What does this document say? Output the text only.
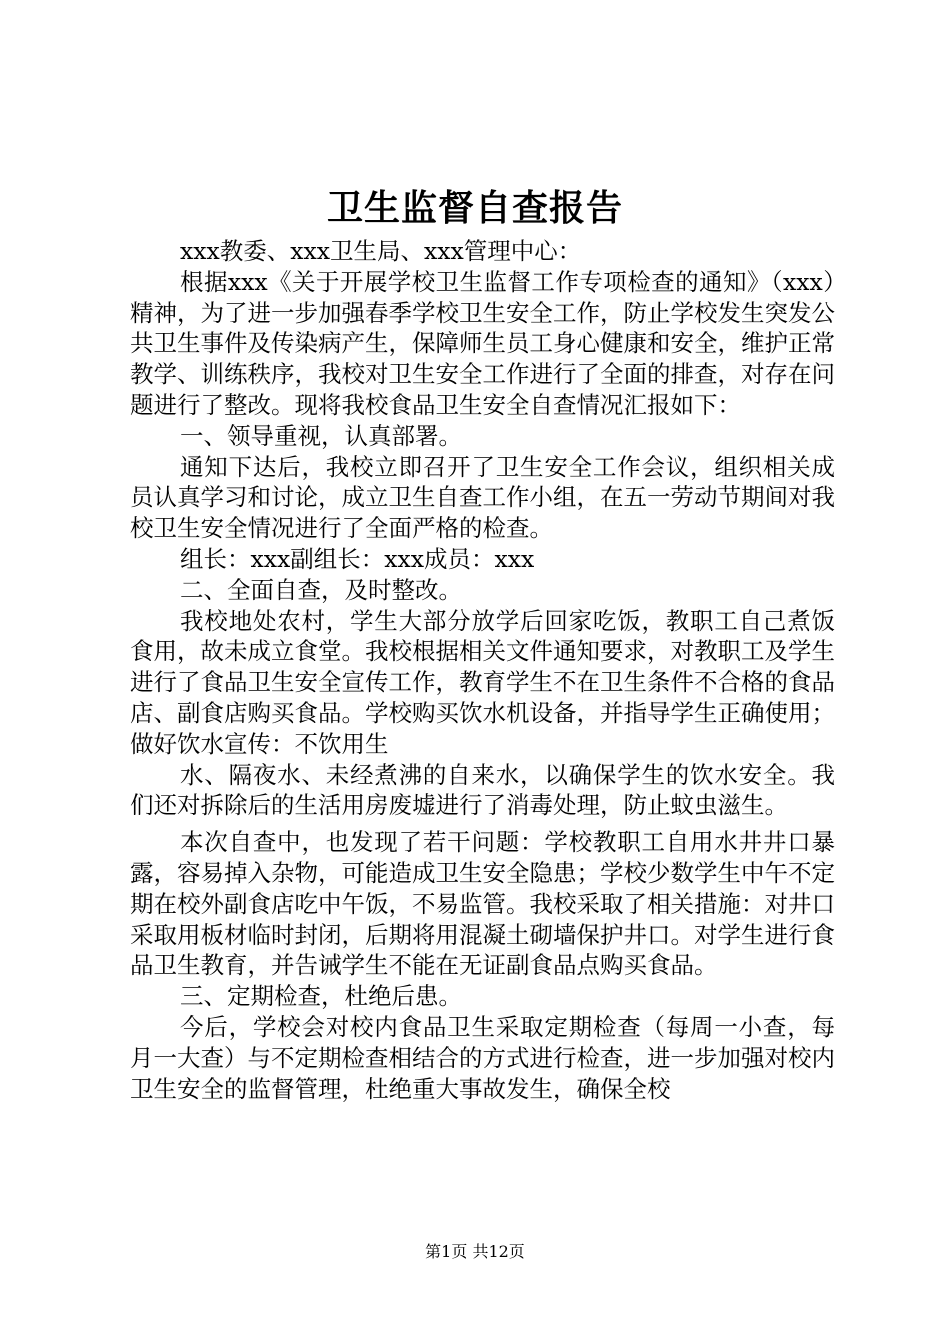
卫生监督自查报告

xxx教委、xxx卫生局、xxx管理中心：

根据xxx《关于开展学校卫生监督工作专项检查的通知》（xxx）精神，为了进一步加强春季学校卫生安全工作，防止学校发生突发公共卫生事件及传染病产生，保障师生员工身心健康和安全，维护正常教学、训练秩序，我校对卫生安全工作进行了全面的排查，对存在问题进行了整改。现将我校食品卫生安全自查情况汇报如下：

一、领导重视，认真部署。

通知下达后，我校立即召开了卫生安全工作会议，组织相关成员认真学习和讨论，成立卫生自查工作小组，在五一劳动节期间对我校卫生安全情况进行了全面严格的检查。

组长：xxx副组长：xxx成员：xxx

二、全面自查，及时整改。

我校地处农村，学生大部分放学后回家吃饭，教职工自己煮饭食用，故未成立食堂。我校根据相关文件通知要求，对教职工及学生进行了食品卫生安全宣传工作，教育学生不在卫生条件不合格的食品店、副食店购买食品。学校购买饮水机设备，并指导学生正确使用；做好饮水宣传：不饮用生

水、隔夜水、未经煮沸的自来水，以确保学生的饮水安全。我们还对拆除后的生活用房废墟进行了消毒处理，防止蚊虫滋生。

本次自查中，也发现了若干问题：学校教职工自用水井井口暴露，容易掉入杂物，可能造成卫生安全隐患；学校少数学生中午不定期在校外副食店吃中午饭，不易监管。我校采取了相关措施：对井口采取用板材临时封闭，后期将用混凝土砌墙保护井口。对学生进行食品卫生教育，并告诫学生不能在无证副食品点购买食品。

三、定期检查，杜绝后患。

今后，学校会对校内食品卫生采取定期检查（每周一小查，每月一大查）与不定期检查相结合的方式进行检查，进一步加强对校内卫生安全的监督管理，杜绝重大事故发生，确保全校

第1页 共12页
